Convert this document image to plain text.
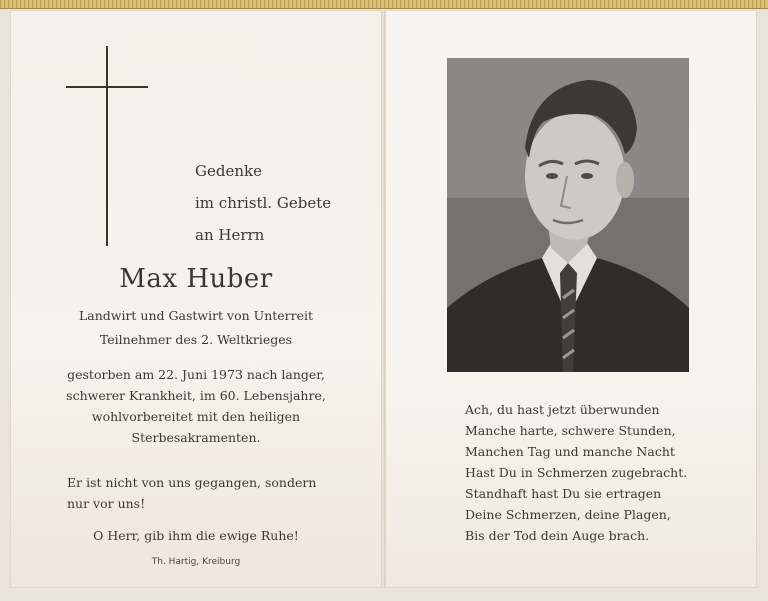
Gedenke
im christl. Gebete
an Herrn
Max Huber
Landwirt und Gastwirt von Unterreit
Teilnehmer des 2. Weltkrieges
gestorben am 22. Juni 1973 nach langer,
schwerer Krankheit, im 60. Lebensjahre,
wohlvorbereitet mit den heiligen
Sterbesakramenten.
Er ist nicht von uns gegangen, sondern
nur vor uns!
O Herr, gib ihm die ewige Ruhe!
Th. Hartig, Kreiburg
Ach, du hast jetzt überwunden
Manche harte, schwere Stunden,
Manchen Tag und manche Nacht
Hast Du in Schmerzen zugebracht.
Standhaft hast Du sie ertragen
Deine Schmerzen, deine Plagen,
Bis der Tod dein Auge brach.
